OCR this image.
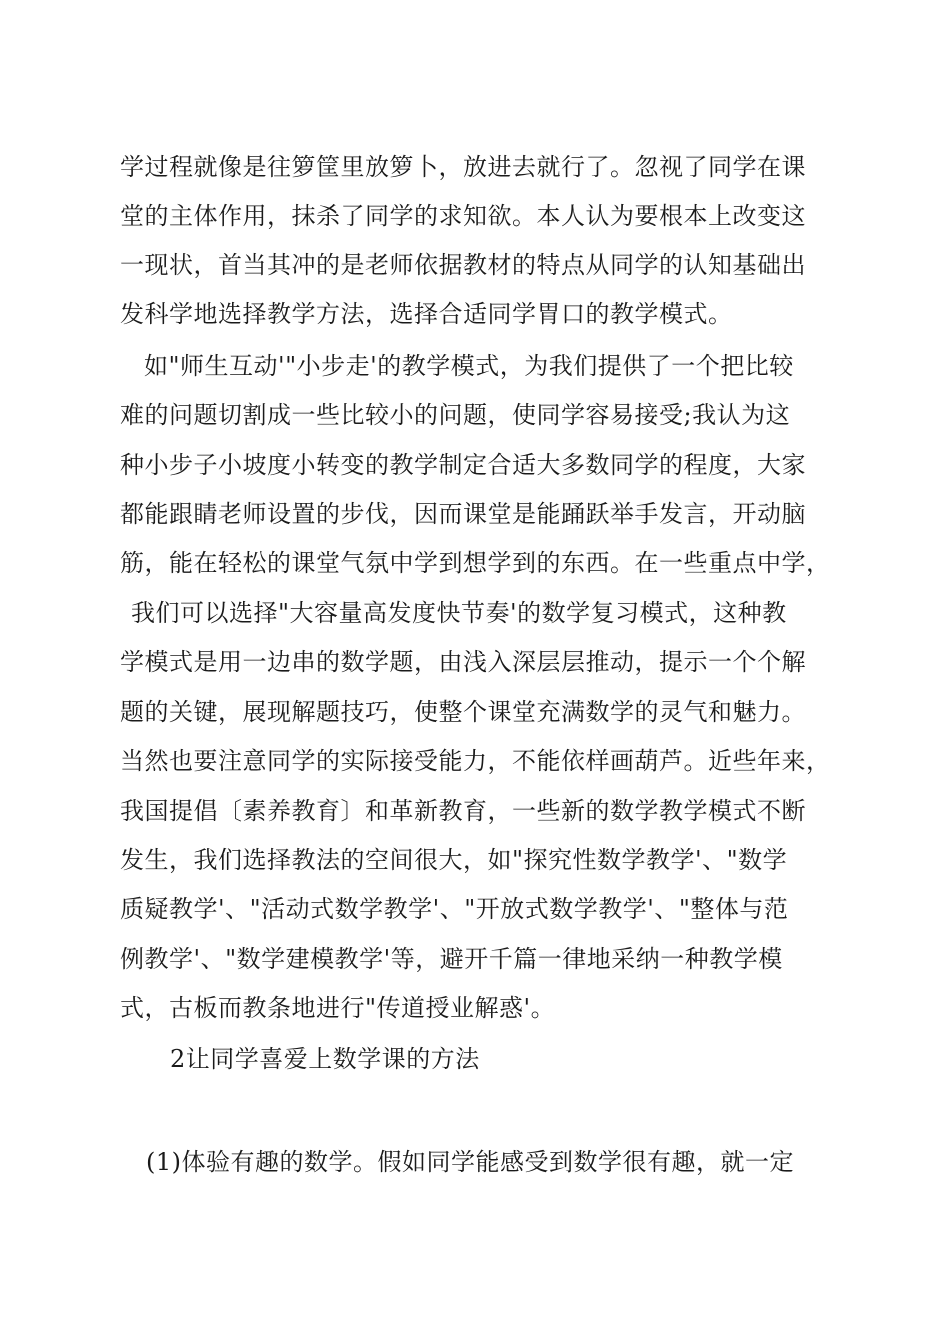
学过程就像是往箩筐里放箩卜，放进去就行了。忽视了同学在课
堂的主体作用，抹杀了同学的求知欲。本人认为要根本上改变这
一现状，首当其冲的是老师依据教材的特点从同学的认知基础出
发科学地选择教学方法，选择合适同学胃口的教学模式。
如"师生互动'"小步走'的教学模式，为我们提供了一个把比较
难的问题切割成一些比较小的问题，使同学容易接受;我认为这
种小步子小坡度小转变的教学制定合适大多数同学的程度，大家
都能跟睛老师设置的步伐，因而课堂是能踊跃举手发言，开动脑
筋，能在轻松的课堂气氛中学到想学到的东西。在一些重点中学，
我们可以选择"大容量高发度快节奏'的数学复习模式，这种教
学模式是用一边串的数学题，由浅入深层层推动，提示一个个解
题的关键，展现解题技巧，使整个课堂充满数学的灵气和魅力。
当然也要注意同学的实际接受能力，不能依样画葫芦。近些年来，
我国提倡〔素养教育〕和革新教育，一些新的数学教学模式不断
发生，我们选择教法的空间很大，如"探究性数学教学'、"数学
质疑教学'、"活动式数学教学'、"开放式数学教学'、"整体与范
例教学'、"数学建模教学'等，避开千篇一律地采纳一种教学模
式，古板而教条地进行"传道授业解惑'。
2让同学喜爱上数学课的方法
(1)体验有趣的数学。假如同学能感受到数学很有趣，就一定
